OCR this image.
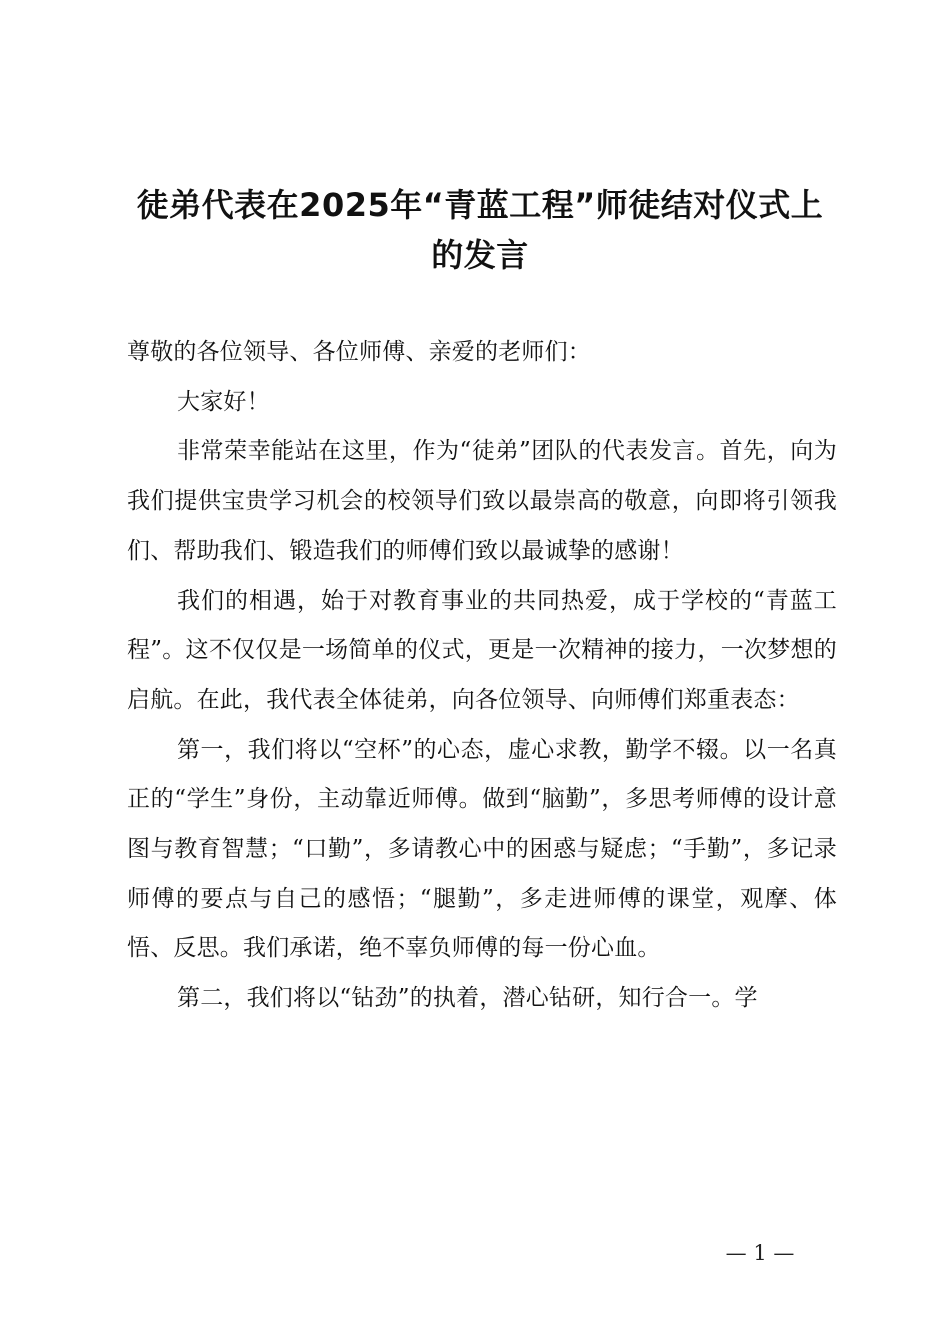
徒弟代表在2025年“青蓝工程”师徒结对仪式上
的发言

尊敬的各位领导、各位师傅、亲爱的老师们：

大家好！

非常荣幸能站在这里，作为“徒弟”团队的代表发言。首先，向为我们提供宝贵学习机会的校领导们致以最崇高的敬意，向即将引领我们、帮助我们、锻造我们的师傅们致以最诚挚的感谢！

我们的相遇，始于对教育事业的共同热爱，成于学校的“青蓝工程”。这不仅仅是一场简单的仪式，更是一次精神的接力，一次梦想的启航。在此，我代表全体徒弟，向各位领导、向师傅们郑重表态：

第一，我们将以“空杯”的心态，虚心求教，勤学不辍。以一名真正的“学生”身份，主动靠近师傅。做到“脑勤”，多思考师傅的设计意图与教育智慧；“口勤”，多请教心中的困惑与疑虑；“手勤”，多记录师傅的要点与自己的感悟；“腿勤”，多走进师傅的课堂，观摩、体悟、反思。我们承诺，绝不辜负师傅的每一份心血。

第二，我们将以“钻劲”的执着，潜心钻研，知行合一。学

— 1 —
